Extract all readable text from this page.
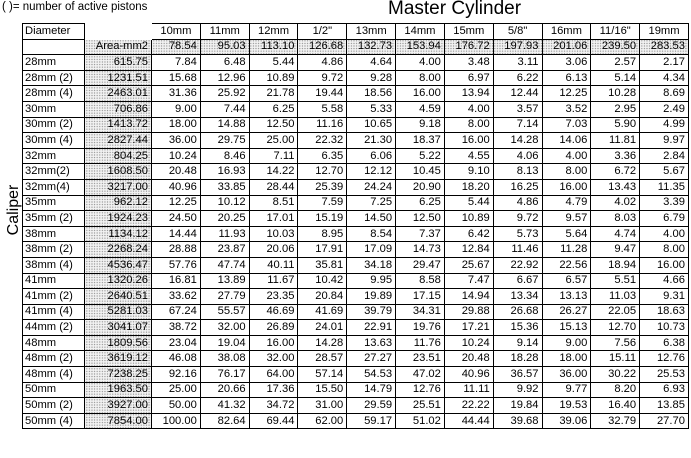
( )= number of active pistons	Master Cylinder
Caliper
Diameter		10mm	11mm	12mm	1/2"	13mm	14mm	15mm	5/8"	16mm	11/16"	19mm
	Area-mm2	78.54	95.03	113.10	126.68	132.73	153.94	176.72	197.93	201.06	239.50	283.53
28mm	615.75	7.84	6.48	5.44	4.86	4.64	4.00	3.48	3.11	3.06	2.57	2.17
28mm (2)	1231.51	15.68	12.96	10.89	9.72	9.28	8.00	6.97	6.22	6.13	5.14	4.34
28mm (4)	2463.01	31.36	25.92	21.78	19.44	18.56	16.00	13.94	12.44	12.25	10.28	8.69
30mm	706.86	9.00	7.44	6.25	5.58	5.33	4.59	4.00	3.57	3.52	2.95	2.49
30mm (2)	1413.72	18.00	14.88	12.50	11.16	10.65	9.18	8.00	7.14	7.03	5.90	4.99
30mm (4)	2827.44	36.00	29.75	25.00	22.32	21.30	18.37	16.00	14.28	14.06	11.81	9.97
32mm	804.25	10.24	8.46	7.11	6.35	6.06	5.22	4.55	4.06	4.00	3.36	2.84
32mm(2)	1608.50	20.48	16.93	14.22	12.70	12.12	10.45	9.10	8.13	8.00	6.72	5.67
32mm(4)	3217.00	40.96	33.85	28.44	25.39	24.24	20.90	18.20	16.25	16.00	13.43	11.35
35mm	962.12	12.25	10.12	8.51	7.59	7.25	6.25	5.44	4.86	4.79	4.02	3.39
35mm (2)	1924.23	24.50	20.25	17.01	15.19	14.50	12.50	10.89	9.72	9.57	8.03	6.79
38mm	1134.12	14.44	11.93	10.03	8.95	8.54	7.37	6.42	5.73	5.64	4.74	4.00
38mm (2)	2268.24	28.88	23.87	20.06	17.91	17.09	14.73	12.84	11.46	11.28	9.47	8.00
38mm (4)	4536.47	57.76	47.74	40.11	35.81	34.18	29.47	25.67	22.92	22.56	18.94	16.00
41mm	1320.26	16.81	13.89	11.67	10.42	9.95	8.58	7.47	6.67	6.57	5.51	4.66
41mm (2)	2640.51	33.62	27.79	23.35	20.84	19.89	17.15	14.94	13.34	13.13	11.03	9.31
41mm (4)	5281.03	67.24	55.57	46.69	41.69	39.79	34.31	29.88	26.68	26.27	22.05	18.63
44mm (2)	3041.07	38.72	32.00	26.89	24.01	22.91	19.76	17.21	15.36	15.13	12.70	10.73
48mm	1809.56	23.04	19.04	16.00	14.28	13.63	11.76	10.24	9.14	9.00	7.56	6.38
48mm (2)	3619.12	46.08	38.08	32.00	28.57	27.27	23.51	20.48	18.28	18.00	15.11	12.76
48mm (4)	7238.25	92.16	76.17	64.00	57.14	54.53	47.02	40.96	36.57	36.00	30.22	25.53
50mm	1963.50	25.00	20.66	17.36	15.50	14.79	12.76	11.11	9.92	9.77	8.20	6.93
50mm (2)	3927.00	50.00	41.32	34.72	31.00	29.59	25.51	22.22	19.84	19.53	16.40	13.85
50mm (4)	7854.00	100.00	82.64	69.44	62.00	59.17	51.02	44.44	39.68	39.06	32.79	27.70
